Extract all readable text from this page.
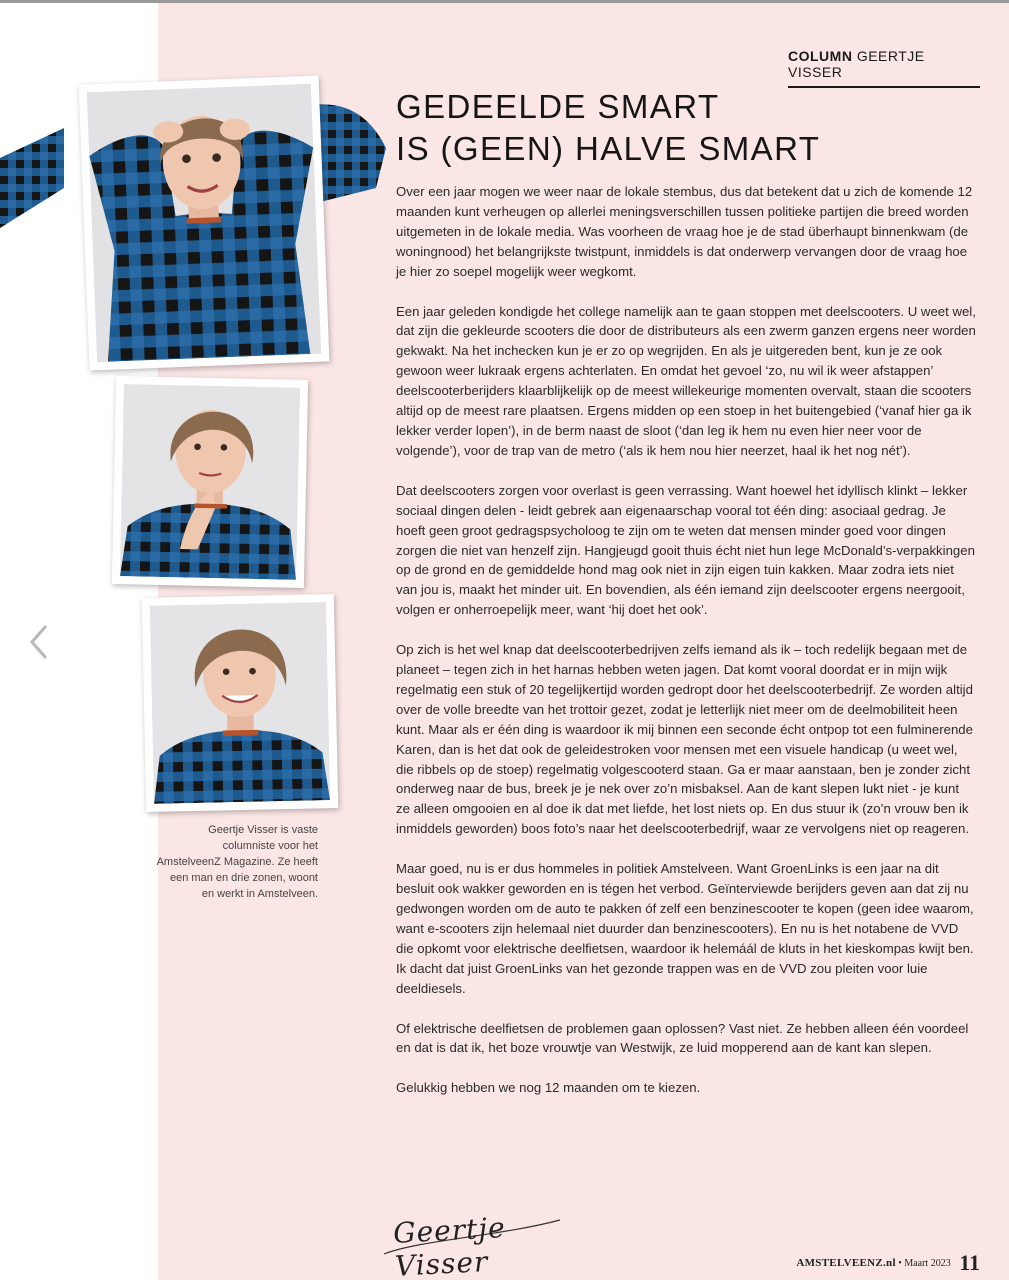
COLUMN GEERTJE VISSER
GEDEELDE SMART
IS (GEEN) HALVE SMART

Over een jaar mogen we weer naar de lokale stembus, dus dat betekent dat u zich de komende 12 maanden kunt verheugen op allerlei meningsverschillen tussen politieke partijen die breed worden uitgemeten in de lokale media. Was voorheen de vraag hoe je de stad überhaupt binnenkwam (de woningnood) het belangrijkste twistpunt, inmiddels is dat onderwerp vervangen door de vraag hoe je hier zo soepel mogelijk weer wegkomt.

Een jaar geleden kondigde het college namelijk aan te gaan stoppen met deelscooters. U weet wel, dat zijn die gekleurde scooters die door de distributeurs als een zwerm ganzen ergens neer worden gekwakt. Na het inchecken kun je er zo op wegrijden. En als je uitgereden bent, kun je ze ook gewoon weer lukraak ergens achterlaten. En omdat het gevoel ‘zo, nu wil ik weer afstappen’ deelscooterberijders klaarblijkelijk op de meest willekeurige momenten overvalt, staan die scooters altijd op de meest rare plaatsen. Ergens midden op een stoep in het buitengebied (‘vanaf hier ga ik lekker verder lopen’), in de berm naast de sloot (‘dan leg ik hem nu even hier neer voor de volgende’), voor de trap van de metro (‘als ik hem nou hier neerzet, haal ik het nog nét’).

Dat deelscooters zorgen voor overlast is geen verrassing. Want hoewel het idyllisch klinkt – lekker sociaal dingen delen - leidt gebrek aan eigenaarschap vooral tot één ding: asociaal gedrag. Je hoeft geen groot gedragspsycholoog te zijn om te weten dat mensen minder goed voor dingen zorgen die niet van henzelf zijn. Hangjeugd gooit thuis écht niet hun lege McDonald’s-verpakkingen op de grond en de gemiddelde hond mag ook niet in zijn eigen tuin kakken. Maar zodra iets niet van jou is, maakt het minder uit. En bovendien, als één iemand zijn deelscooter ergens neergooit, volgen er onherroepelijk meer, want ‘hij doet het ook’.

Op zich is het wel knap dat deelscooterbedrijven zelfs iemand als ik – toch redelijk begaan met de planeet – tegen zich in het harnas hebben weten jagen. Dat komt vooral doordat er in mijn wijk regelmatig een stuk of 20 tegelijkertijd worden gedropt door het deelscooterbedrijf. Ze worden altijd over de volle breedte van het trottoir gezet, zodat je letterlijk niet meer om de deelmobiliteit heen kunt. Maar als er één ding is waardoor ik mij binnen een seconde écht ontpop tot een fulminerende Karen, dan is het dat ook de geleidestroken voor mensen met een visuele handicap (u weet wel, die ribbels op de stoep) regelmatig volgescooterd staan. Ga er maar aanstaan, ben je zonder zicht onderweg naar de bus, breek je je nek over zo’n misbaksel. Aan de kant slepen lukt niet - je kunt ze alleen omgooien en al doe ik dat met liefde, het lost niets op. En dus stuur ik (zo’n vrouw ben ik inmiddels geworden) boos foto’s naar het deelscooterbedrijf, waar ze vervolgens niet op reageren.

Maar goed, nu is er dus hommeles in politiek Amstelveen. Want GroenLinks is een jaar na dit besluit ook wakker geworden en is tégen het verbod. Geïnterviewde berijders geven aan dat zij nu gedwongen worden om de auto te pakken óf zelf een benzinescooter te kopen (geen idee waarom, want e-scooters zijn helemaal niet duurder dan benzinescooters). En nu is het notabene de VVD die opkomt voor elektrische deelfietsen, waardoor ik helemáál de kluts in het kieskompas kwijt ben. Ik dacht dat juist GroenLinks van het gezonde trappen was en de VVD zou pleiten voor luie deeldiesels.

Of elektrische deelfietsen de problemen gaan oplossen? Vast niet. Ze hebben alleen één voordeel en dat is dat ik, het boze vrouwtje van Westwijk, ze luid mopperend aan de kant kan slepen.

Gelukkig hebben we nog 12 maanden om te kiezen.

Geertje Visser is vaste columniste voor het AmstelveenZ Magazine. Ze heeft een man en drie zonen, woont en werkt in Amstelveen.
Geertje Visser	AMSTELVEENZ.nl • Maart 2023 11
